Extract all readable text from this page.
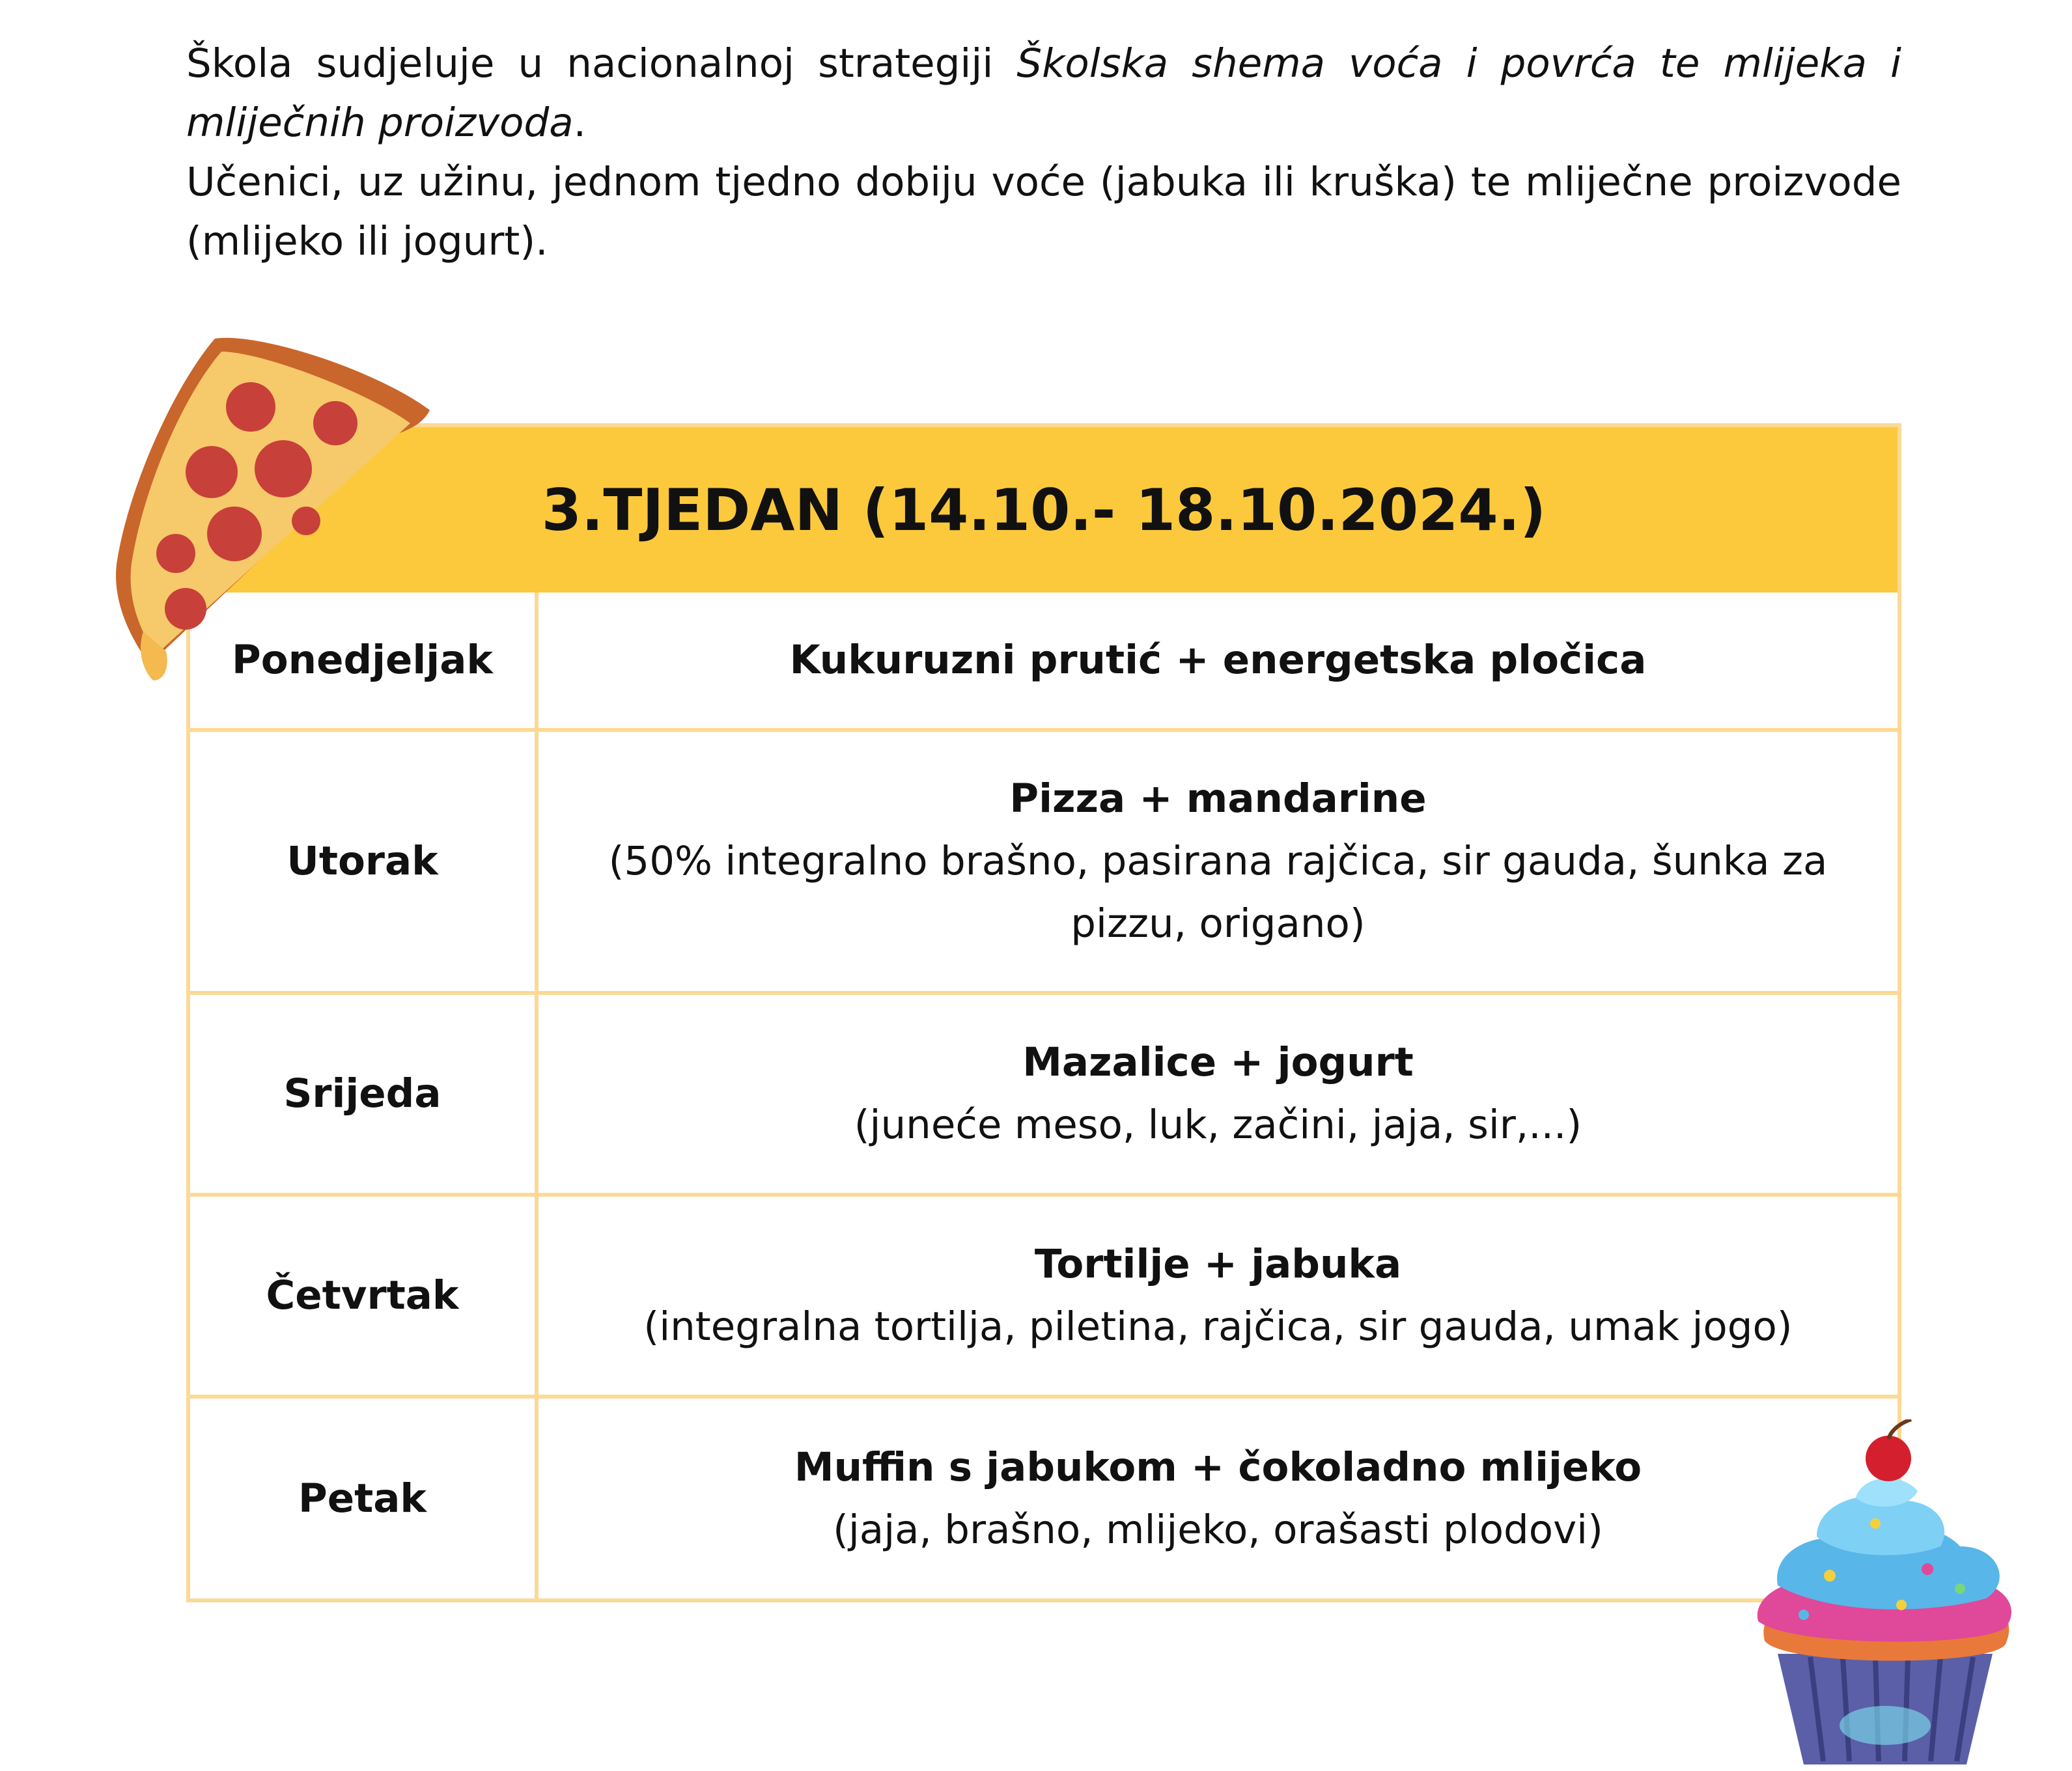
Škola sudjeluje u nacionalnoj strategiji Školska shema voća i povrća te mlijeka i mliječnih proizvoda.

Učenici, uz užinu, jednom tjedno dobiju voće (jabuka ili kruška) te mliječne proizvode (mlijeko ili jogurt).

3.TJEDAN (14.10.- 18.10.2024.)
Ponedjeljak	Kukuruzni prutić + energetska pločica

Utorak	Pizza + mandarine
(50% integralno brašno, pasirana rajčica, sir gauda, šunka za pizzu, origano)

Srijeda	Mazalice + jogurt
(juneće meso, luk, začini, jaja, sir,...)

Četvrtak	Tortilje + jabuka
(integralna tortilja, piletina, rajčica, sir gauda, umak jogo)

Petak	Muffin s jabukom + čokoladno mlijeko
(jaja, brašno, mlijeko, orašasti plodovi)
